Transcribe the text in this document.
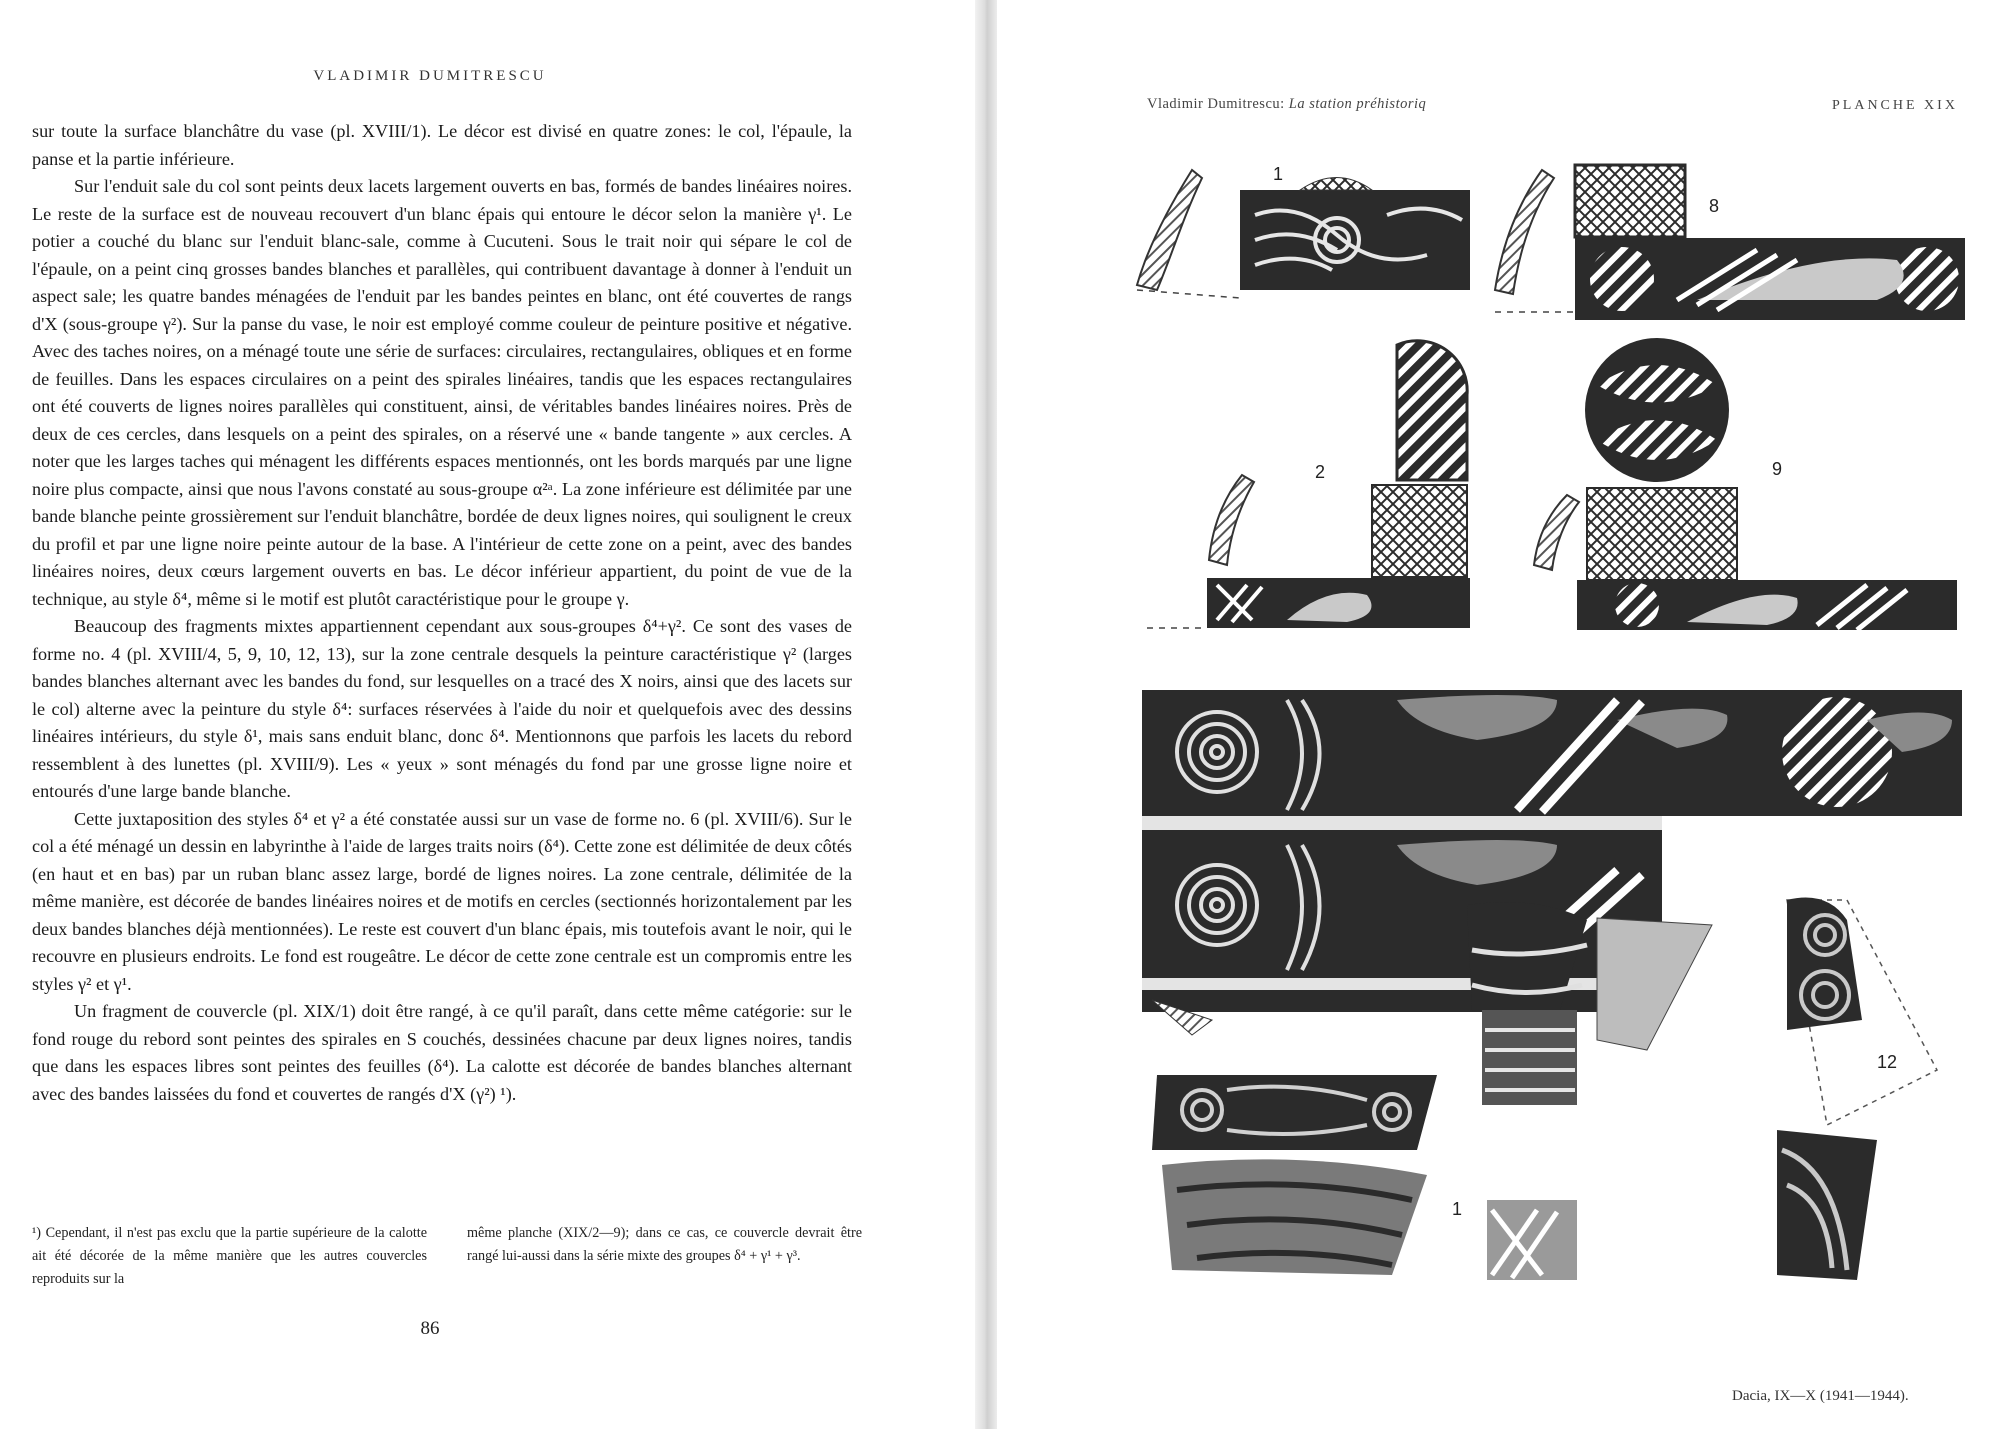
VLADIMIR DUMITRESCU

sur toute la surface blanchâtre du vase (pl. XVIII/1). Le décor est divisé en quatre zones: le col, l'épaule, la panse et la partie inférieure.

Sur l'enduit sale du col sont peints deux lacets largement ouverts en bas, formés de bandes linéaires noires. Le reste de la surface est de nouveau recouvert d'un blanc épais qui entoure le décor selon la manière γ¹. Le potier a couché du blanc sur l'enduit blanc-sale, comme à Cucuteni. Sous le trait noir qui sépare le col de l'épaule, on a peint cinq grosses bandes blanches et parallèles, qui contribuent davantage à donner à l'enduit un aspect sale; les quatre bandes ménagées de l'enduit par les bandes peintes en blanc, ont été couvertes de rangs d'X (sous-groupe γ²). Sur la panse du vase, le noir est employé comme couleur de peinture positive et négative. Avec des taches noires, on a ménagé toute une série de surfaces: circulaires, rectangulaires, obliques et en forme de feuilles. Dans les espaces circulaires on a peint des spirales linéaires, tandis que les espaces rectangulaires ont été couverts de lignes noires parallèles qui constituent, ainsi, de véritables bandes linéaires noires. Près de deux de ces cercles, dans lesquels on a peint des spirales, on a réservé une « bande tangente » aux cercles. A noter que les larges taches qui ménagent les différents espaces mentionnés, ont les bords marqués par une ligne noire plus compacte, ainsi que nous l'avons constaté au sous-groupe α²ᵃ. La zone inférieure est délimitée par une bande blanche peinte grossièrement sur l'enduit blanchâtre, bordée de deux lignes noires, qui soulignent le creux du profil et par une ligne noire peinte autour de la base. A l'intérieur de cette zone on a peint, avec des bandes linéaires noires, deux cœurs largement ouverts en bas. Le décor inférieur appartient, du point de vue de la technique, au style δ⁴, même si le motif est plutôt caractéristique pour le groupe γ.

Beaucoup des fragments mixtes appartiennent cependant aux sous-groupes δ⁴+γ². Ce sont des vases de forme no. 4 (pl. XVIII/4, 5, 9, 10, 12, 13), sur la zone centrale desquels la peinture caractéristique γ² (larges bandes blanches alternant avec les bandes du fond, sur lesquelles on a tracé des X noirs, ainsi que des lacets sur le col) alterne avec la peinture du style δ⁴: surfaces réservées à l'aide du noir et quelquefois avec des dessins linéaires intérieurs, du style δ¹, mais sans enduit blanc, donc δ⁴. Mentionnons que parfois les lacets du rebord ressemblent à des lunettes (pl. XVIII/9). Les « yeux » sont ménagés du fond par une grosse ligne noire et entourés d'une large bande blanche.

Cette juxtaposition des styles δ⁴ et γ² a été constatée aussi sur un vase de forme no. 6 (pl. XVIII/6). Sur le col a été ménagé un dessin en labyrinthe à l'aide de larges traits noirs (δ⁴). Cette zone est délimitée de deux côtés (en haut et en bas) par un ruban blanc assez large, bordé de lignes noires. La zone centrale, délimitée de la même manière, est décorée de bandes linéaires noires et de motifs en cercles (sectionnés horizontalement par les deux bandes blanches déjà mentionnées). Le reste est couvert d'un blanc épais, mis toutefois avant le noir, qui le recouvre en plusieurs endroits. Le fond est rougeâtre. Le décor de cette zone centrale est un compromis entre les styles γ² et γ¹.

Un fragment de couvercle (pl. XIX/1) doit être rangé, à ce qu'il paraît, dans cette même catégorie: sur le fond rouge du rebord sont peintes des spirales en S couchés, dessinées chacune par deux lignes noires, tandis que dans les espaces libres sont peintes des feuilles (δ⁴). La calotte est décorée de bandes blanches alternant avec des bandes laissées du fond et couvertes de rangés d'X (γ²) ¹).

¹) Cependant, il n'est pas exclu que la partie supérieure de la calotte ait été décorée de la même manière que les autres couvercles reproduits sur la
même planche (XIX/2—9); dans ce cas, ce couvercle devrait être rangé lui-aussi dans la série mixte des groupes δ⁴ + γ¹ + γ³.
86
Vladimir Dumitrescu: La station préhistoriq	PLANCHE XIX
1
8
2	9
12
1
Dacia, IX—X (1941—1944).
